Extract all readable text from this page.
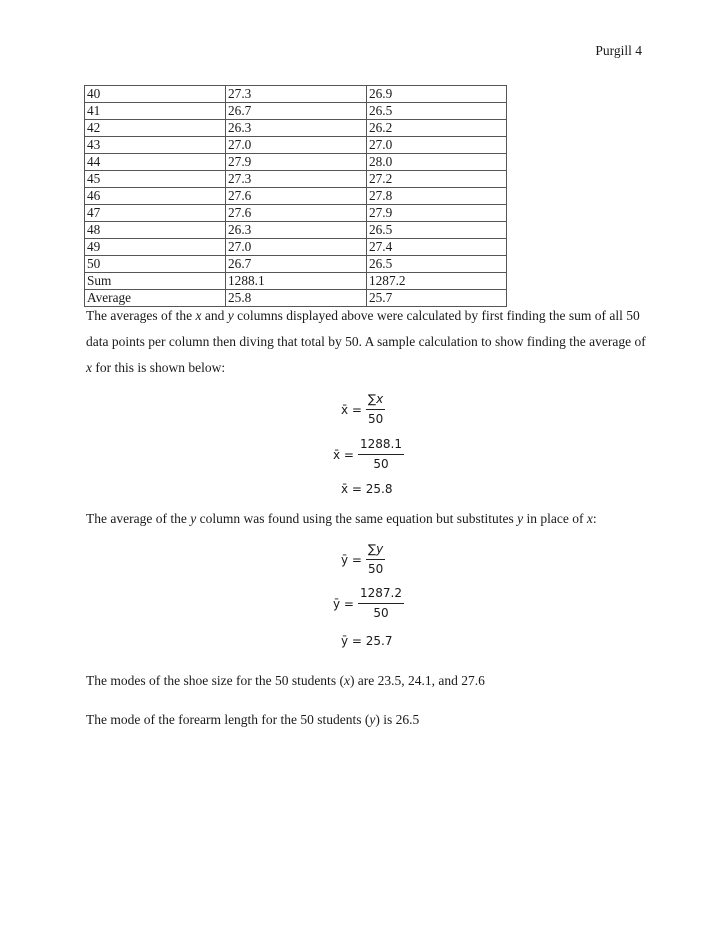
Purgill 4
40	27.3	26.9
41	26.7	26.5
42	26.3	26.2
43	27.0	27.0
44	27.9	28.0
45	27.3	27.2
46	27.6	27.8
47	27.6	27.9
48	26.3	26.5
49	27.0	27.4
50	26.7	26.5
Sum	1288.1	1287.2
Average	25.8	25.7
The averages of the x and y columns displayed above were calculated by first finding the sum of all 50 data points per column then diving that total by 50. A sample calculation to show finding the average of x for this is shown below:
x̄ = $\frac{\sum x}{50}$
x̄ = $\frac{1288.1}{50}$
x̄ = 25.8
The average of the y column was found using the same equation but substitutes y in place of x:
ȳ = $\frac{\sum y}{50}$
ȳ = $\frac{1287.2}{50}$
ȳ = 25.7
The modes of the shoe size for the 50 students (x) are 23.5, 24.1, and 27.6
The mode of the forearm length for the 50 students (y) is 26.5
